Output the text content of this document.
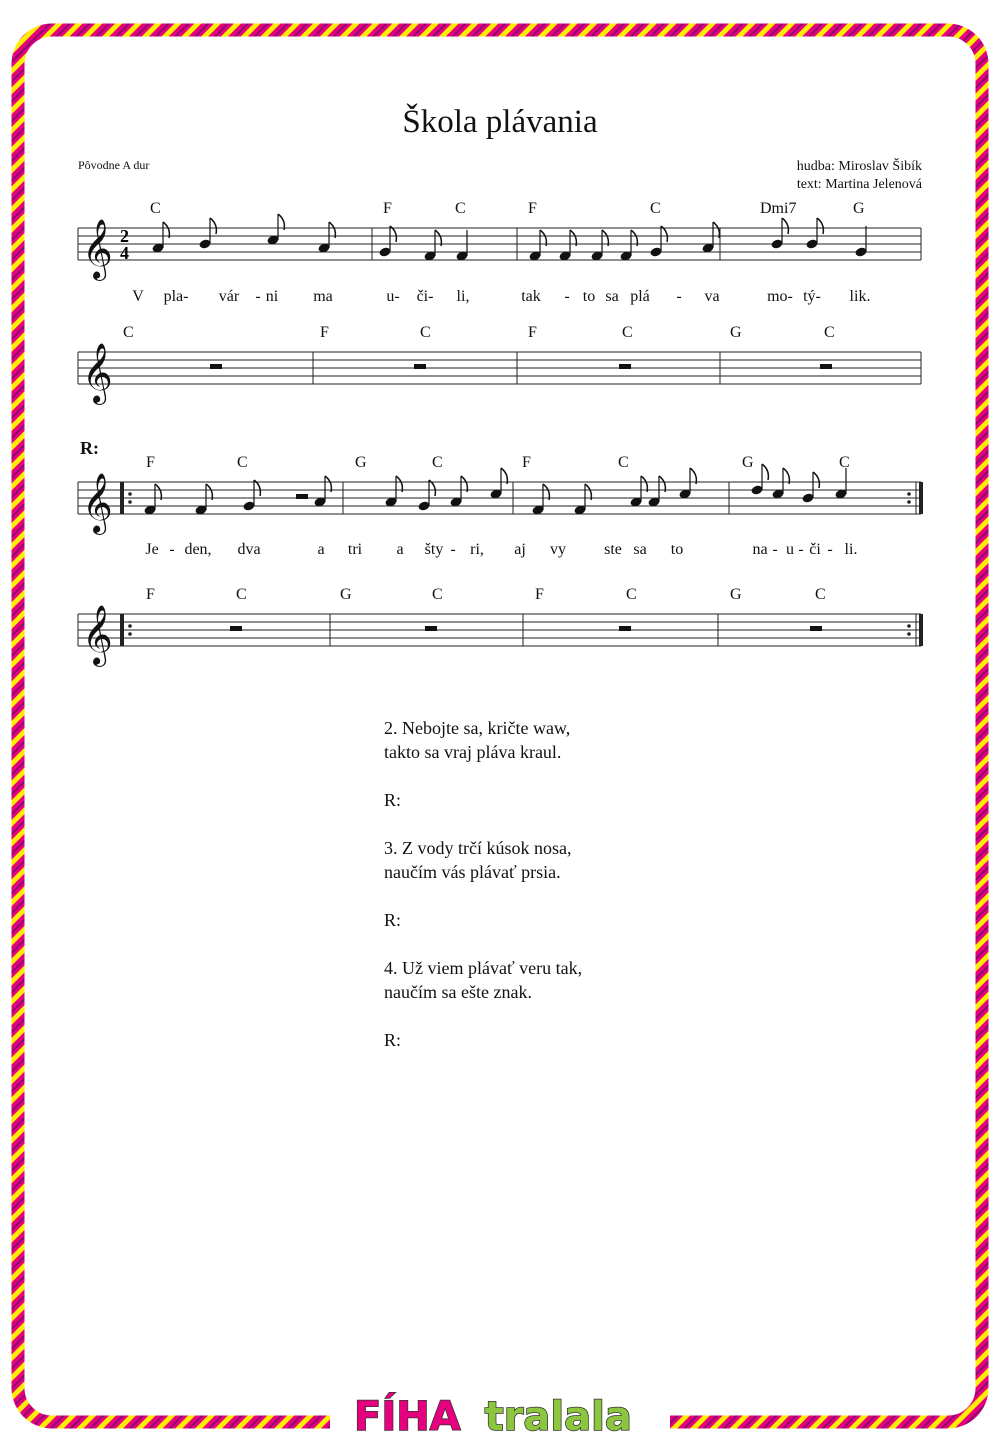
Škola plávania
Pôvodne A dur	hudba: Miroslav Šibík
text: Martina Jelenová
R:
𝄞 2
4
𝄞
𝄞
𝄞
C	F	C	F	C	Dmi7	G
V pla- vár - ni ma	u- či- li,	tak - to sa plá - va	mo- tý- lik.
C	F	C	F	C	G	C
F	C	G	C	F	C	G	C
Je - den, dva	a tri a šty - ri, aj vy ste sa to	na - u - či - li.
F	C	G	C	F	C	G	C
2. Nebojte sa, kričte waw,
takto sa vraj pláva kraul.
R:
3. Z vody trčí kúsok nosa,
naučím vás plávať prsia.
R:
4. Už viem plávať veru tak,
naučím sa ešte znak.
R:
FÍHA tralala
